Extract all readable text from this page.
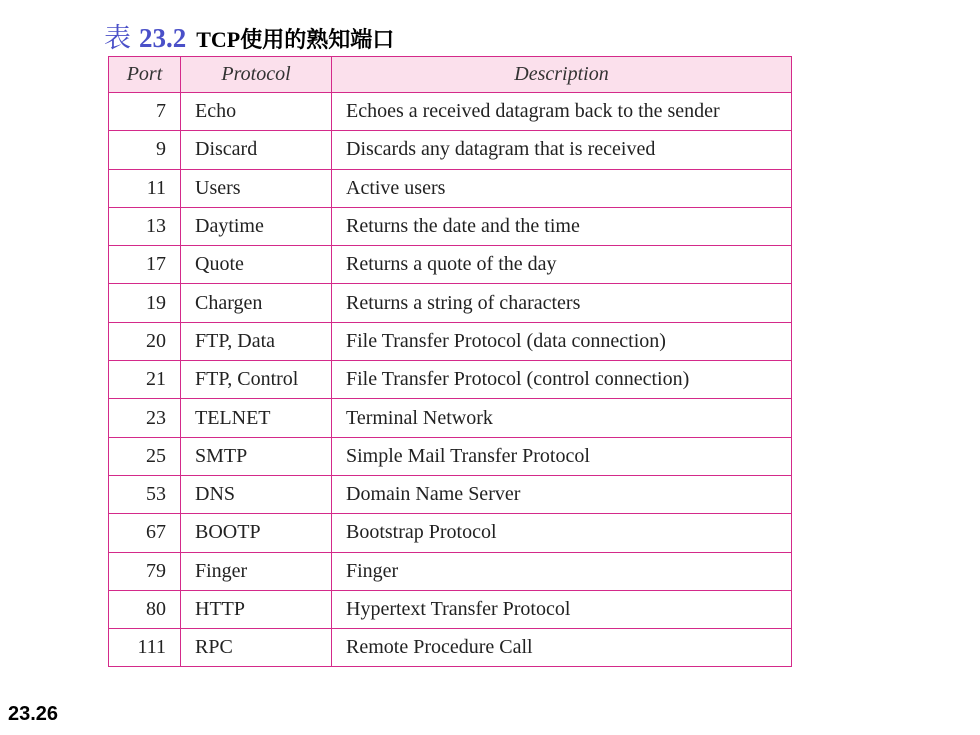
表 23.2 TCP使用的熟知端口
Port	Protocol	Description
7	Echo	Echoes a received datagram back to the sender
9	Discard	Discards any datagram that is received
11	Users	Active users
13	Daytime	Returns the date and the time
17	Quote	Returns a quote of the day
19	Chargen	Returns a string of characters
20	FTP, Data	File Transfer Protocol (data connection)
21	FTP, Control	File Transfer Protocol (control connection)
23	TELNET	Terminal Network
25	SMTP	Simple Mail Transfer Protocol
53	DNS	Domain Name Server
67	BOOTP	Bootstrap Protocol
79	Finger	Finger
80	HTTP	Hypertext Transfer Protocol
111	RPC	Remote Procedure Call
23.26
